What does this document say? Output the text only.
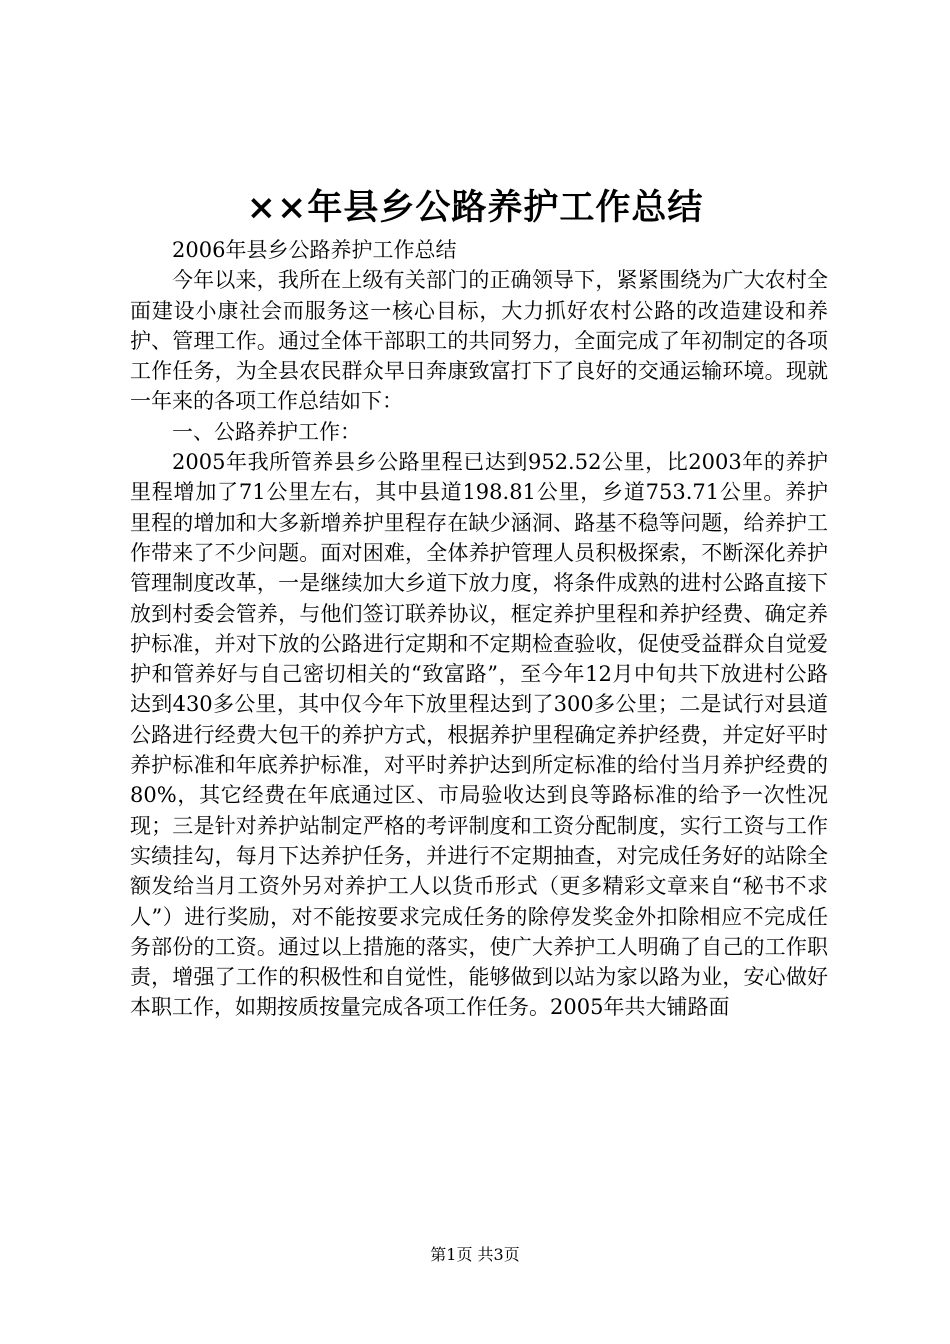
××年县乡公路养护工作总结

2006年县乡公路养护工作总结

今年以来，我所在上级有关部门的正确领导下，紧紧围绕为广大农村全面建设小康社会而服务这一核心目标，大力抓好农村公路的改造建设和养护、管理工作。通过全体干部职工的共同努力，全面完成了年初制定的各项工作任务，为全县农民群众早日奔康致富打下了良好的交通运输环境。现就一年来的各项工作总结如下：

一、公路养护工作：

2005年我所管养县乡公路里程已达到952.52公里，比2003年的养护里程增加了71公里左右，其中县道198.81公里，乡道753.71公里。养护里程的增加和大多新增养护里程存在缺少涵洞、路基不稳等问题，给养护工作带来了不少问题。面对困难，全体养护管理人员积极探索，不断深化养护管理制度改革，一是继续加大乡道下放力度，将条件成熟的进村公路直接下放到村委会管养，与他们签订联养协议，框定养护里程和养护经费、确定养护标准，并对下放的公路进行定期和不定期检查验收，促使受益群众自觉爱护和管养好与自己密切相关的“致富路”，至今年12月中旬共下放进村公路达到430多公里，其中仅今年下放里程达到了300多公里；二是试行对县道公路进行经费大包干的养护方式，根据养护里程确定养护经费，并定好平时养护标准和年底养护标准，对平时养护达到所定标准的给付当月养护经费的80%，其它经费在年底通过区、市局验收达到良等路标准的给予一次性况现；三是针对养护站制定严格的考评制度和工资分配制度，实行工资与工作实绩挂勾，每月下达养护任务，并进行不定期抽查，对完成任务好的站除全额发给当月工资外另对养护工人以货币形式（更多精彩文章来自“秘书不求人”）进行奖励，对不能按要求完成任务的除停发奖金外扣除相应不完成任务部份的工资。通过以上措施的落实，使广大养护工人明确了自己的工作职责，增强了工作的积极性和自觉性，能够做到以站为家以路为业，安心做好本职工作，如期按质按量完成各项工作任务。2005年共大铺路面

第1页 共3页
